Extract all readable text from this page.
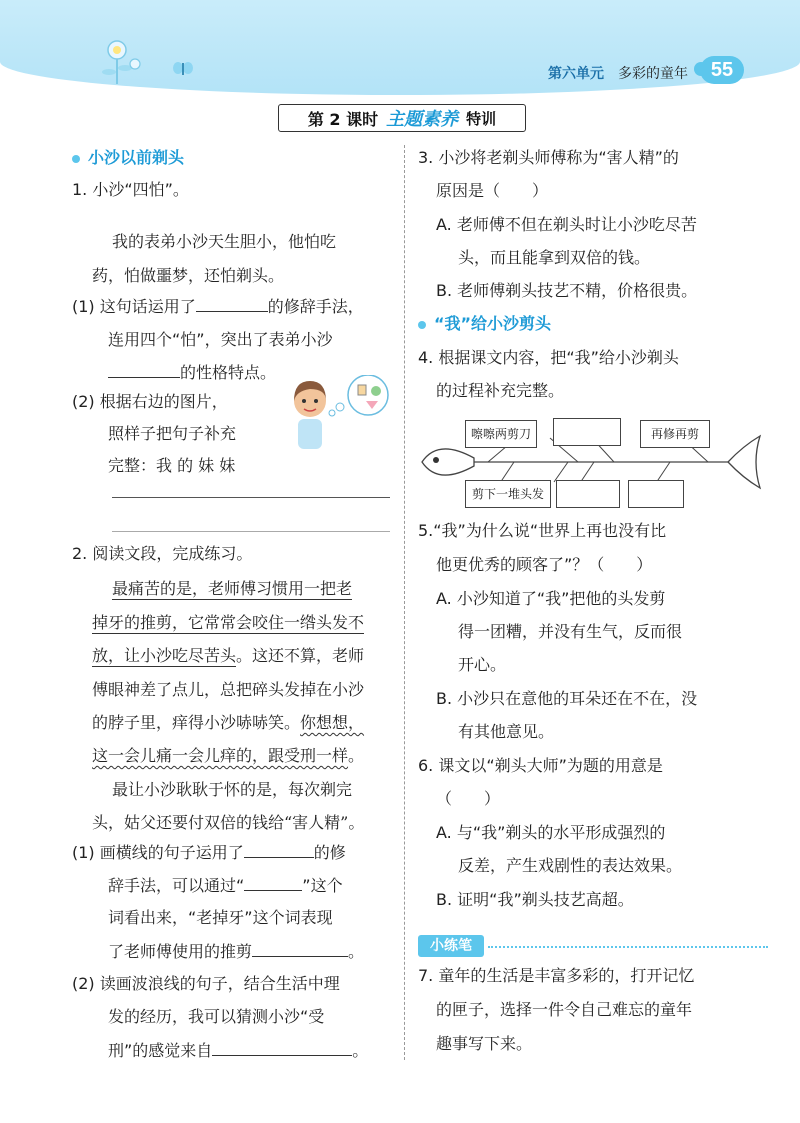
第六单元 多彩的童年	55
第 2 课时 主题素养 特训
小沙以前剃头
1. 小沙“四怕”。
我的表弟小沙天生胆小，他怕吃
药，怕做噩梦，还怕剃头。
(1) 这句话运用了	的修辞手法，
连用四个“怕”，突出了表弟小沙
的性格特点。
(2) 根据右边的图片，
照样子把句子补充
完整：我 的 妹 妹
2. 阅读文段，完成练习。
最痛苦的是，老师傅习惯用一把老
掉牙的推剪，它常常会咬住一绺头发不
放，让小沙吃尽苦头。这还不算，老师
傅眼神差了点儿，总把碎头发掉在小沙
的脖子里，痒得小沙哧哧笑。你想想，
这一会儿痛一会儿痒的，跟受刑一样。
最让小沙耿耿于怀的是，每次剃完
头，姑父还要付双倍的钱给“害人精”。
(1) 画横线的句子运用了	的修
辞手法，可以通过“	”这个
词看出来，“老掉牙”这个词表现
了老师傅使用的推剪	。
(2) 读画波浪线的句子，结合生活中理
发的经历，我可以猜测小沙“受
刑”的感觉来自	。
3. 小沙将老剃头师傅称为“害人精”的
原因是（　　）
A. 老师傅不但在剃头时让小沙吃尽苦
头，而且能拿到双倍的钱。
B. 老师傅剃头技艺不精，价格很贵。
“我”给小沙剪头
4. 根据课文内容，把“我”给小沙剃头
的过程补充完整。
嚓嚓两剪刀	再修再剪
剪下一堆头发
5.“我”为什么说“世界上再也没有比
他更优秀的顾客了”？（　　）
A. 小沙知道了“我”把他的头发剪
得一团糟，并没有生气，反而很
开心。
B. 小沙只在意他的耳朵还在不在，没
有其他意见。
6. 课文以“剃头大师”为题的用意是
（　　）
A. 与“我”剃头的水平形成强烈的
反差，产生戏剧性的表达效果。
B. 证明“我”剃头技艺高超。
小练笔
7. 童年的生活是丰富多彩的，打开记忆
的匣子，选择一件令自己难忘的童年
趣事写下来。
